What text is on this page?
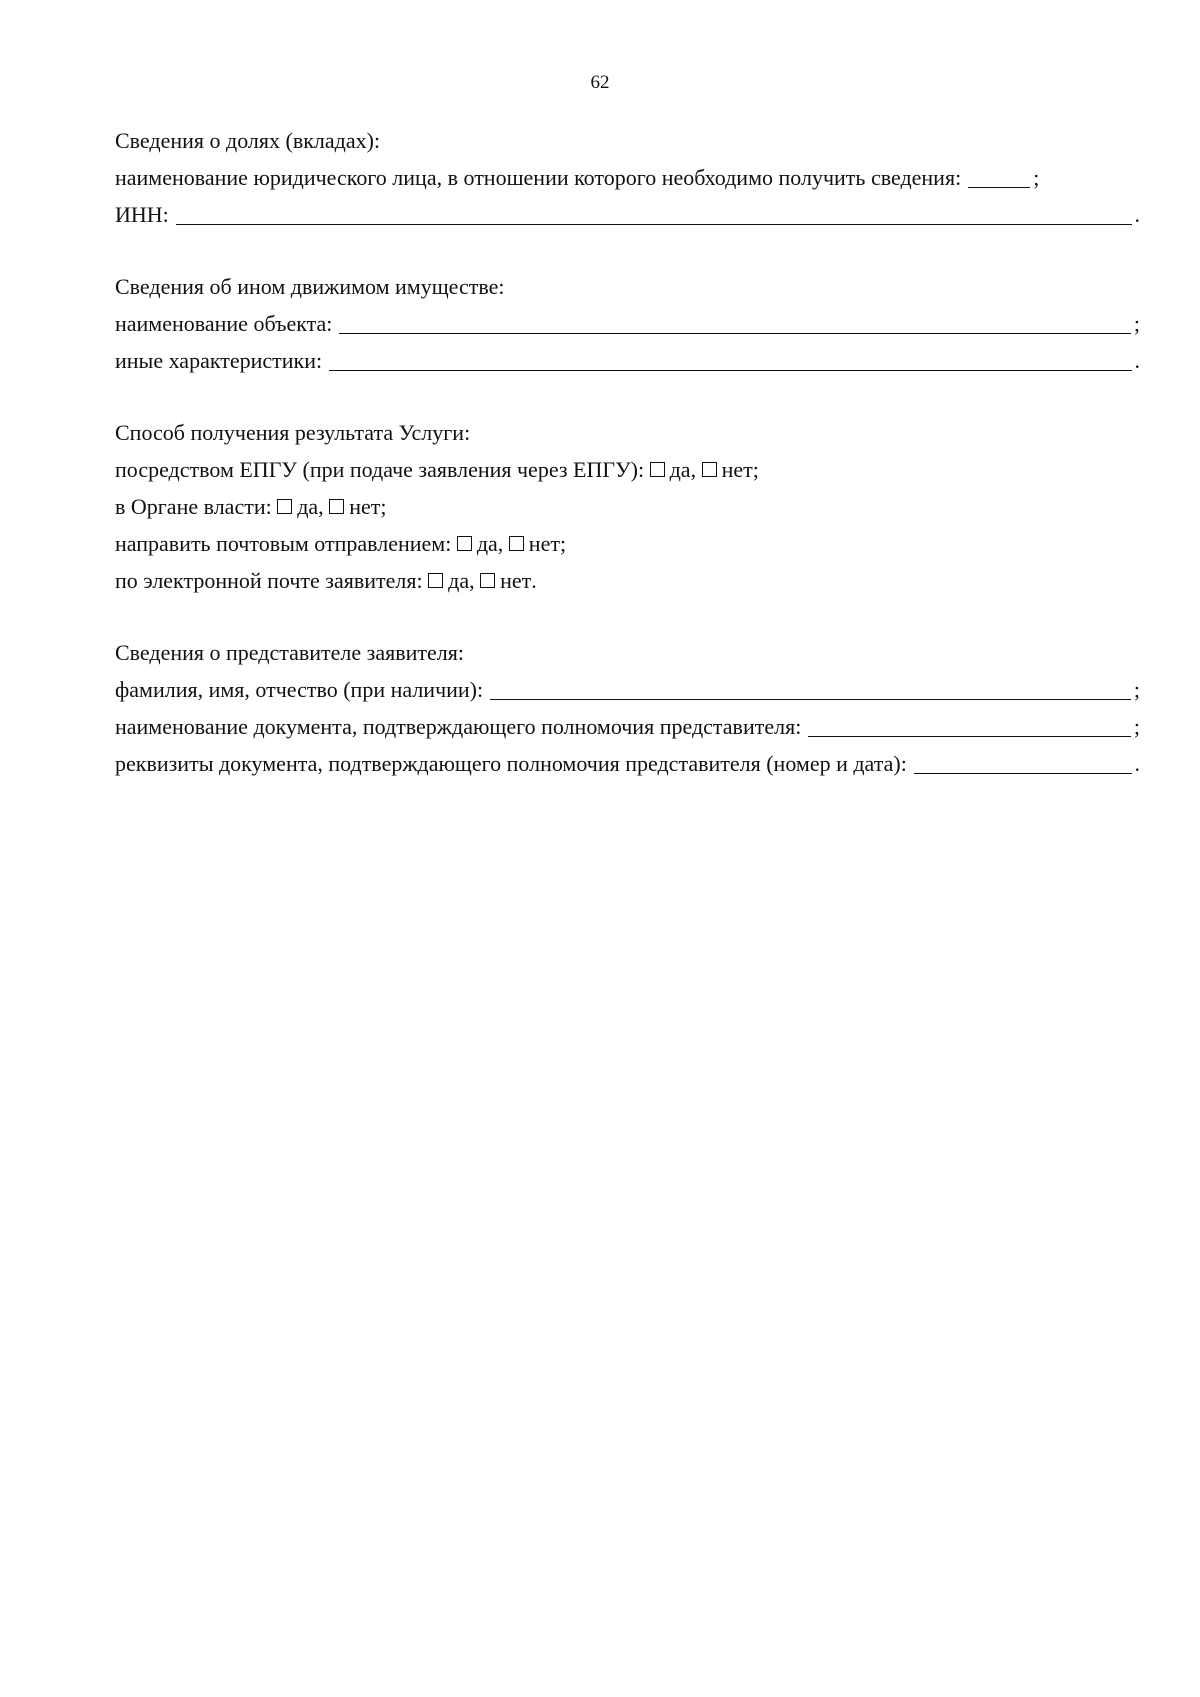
62
Сведения о долях (вкладах):
наименование юридического лица, в отношении которого необходимо получить сведения:	;
ИНН:	.
Сведения об ином движимом имуществе:
наименование объекта:	;
иные характеристики:	.
Способ получения результата Услуги:
посредством ЕПГУ (при подаче заявления через ЕПГУ):
да,
нет ;
в Органе власти:
да,
нет ;
направить почтовым отправлением:
да,
нет ;
по электронной почте заявителя:
да,
нет .
Сведения о представителе заявителя:
фамилия, имя, отчество (при наличии):	;
наименование документа, подтверждающего полномочия представителя:	;
реквизиты документа, подтверждающего полномочия представителя (номер и дата):	.
